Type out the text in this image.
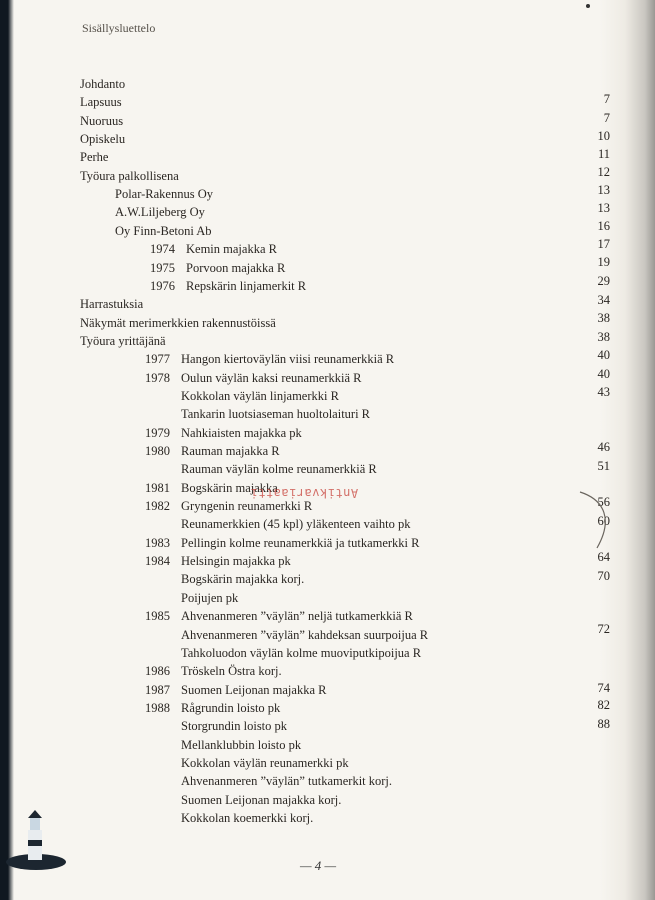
Sisällysluettelo
Johdanto
Lapsuus
Nuoruus
Opiskelu
Perhe
Työura palkollisena
Polar-Rakennus Oy
A.W.Liljeberg Oy
Oy Finn-Betoni Ab
1974 Kemin majakka R
1975 Porvoon majakka R
1976 Repskärin linjamerkit R
Harrastuksia
Näkymät merimerkkien rakennustöissä
Työura yrittäjänä
1977 Hangon kiertoväylän viisi reunamerkkiä R
1978 Oulun väylän kaksi reunamerkkiä R
Kokkolan väylän linjamerkki R
Tankarin luotsiaseman huoltolaituri R
1979 Nahkiaisten majakka pk
1980 Rauman majakka R
Rauman väylän kolme reunamerkkiä R
1981 Bogskärin majakka
1982 Gryngenin reunamerkki R
Reunamerkkien (45 kpl) yläkenteen vaihto pk
1983 Pellingin kolme reunamerkkiä ja tutkamerkki R
1984 Helsingin majakka pk
Bogskärin majakka korj.
Poijujen pk
1985 Ahvenanmeren ”väylän” neljä tutkamerkkiä R
Ahvenanmeren ”väylän” kahdeksan suurpoijua R
Tahkoluodon väylän kolme muoviputkipoijua R
1986 Tröskeln Östra korj.
1987 Suomen Leijonan majakka R
1988 Rågrundin loisto pk
Storgrundin loisto pk
Mellanklubbin loisto pk
Kokkolan väylän reunamerkki pk
Ahvenanmeren ”väylän” tutkamerkit korj.
Suomen Leijonan majakka korj.
Kokkolan koemerkki korj.
7
7
10
11
12
13
13
16
17
19
29
34
38
38
40
40
43
46
51
56
60
64
70
72
74
82
88
Antikvariaatti
— 4 —
